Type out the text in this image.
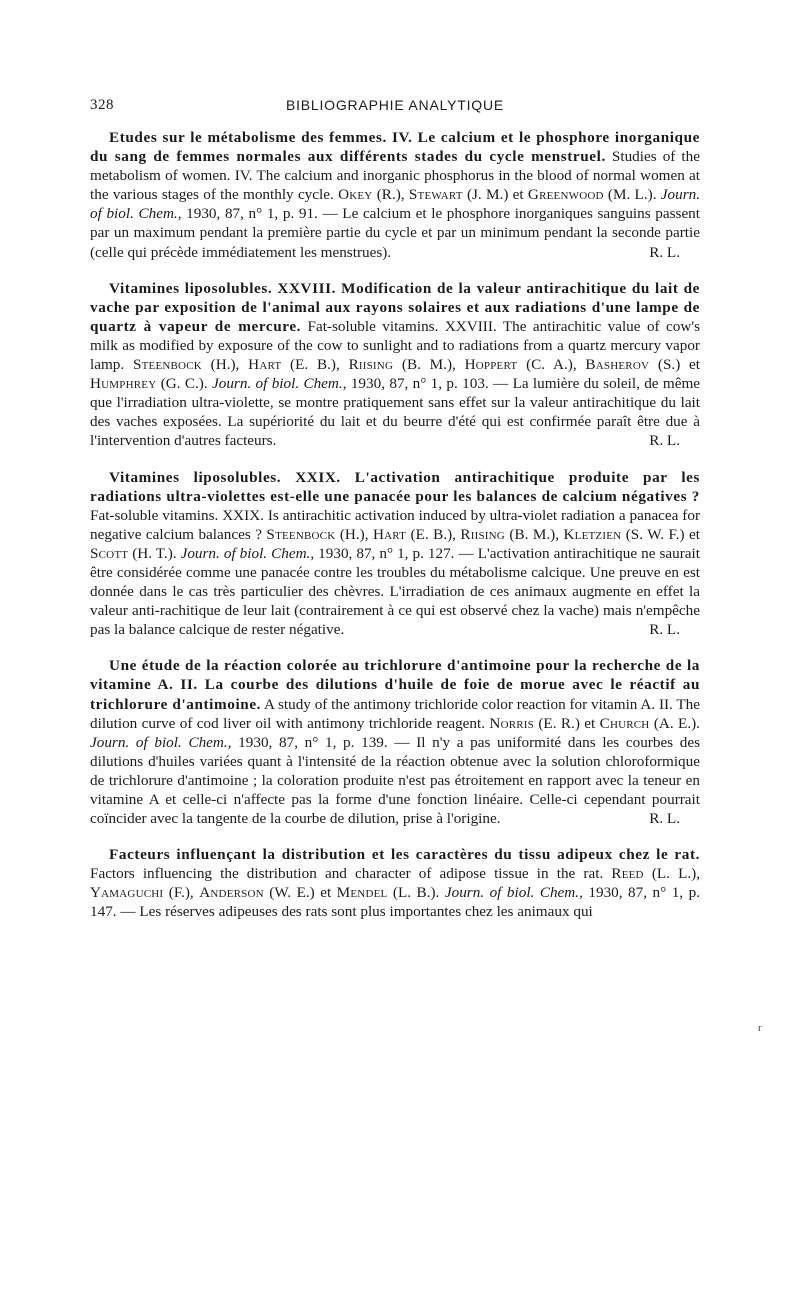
328	BIBLIOGRAPHIE ANALYTIQUE

Etudes sur le métabolisme des femmes. IV. Le calcium et le phosphore inorganique du sang de femmes normales aux différents stades du cycle menstruel. Studies of the metabolism of women. IV. The calcium and inorganic phosphorus in the blood of normal women at the various stages of the monthly cycle. Okey (R.), Stewart (J. M.) et Greenwood (M. L.). Journ. of biol. Chem., 1930, 87, n° 1, p. 91. — Le calcium et le phosphore inorganiques sanguins passent par un maximum pendant la première partie du cycle et par un minimum pendant la seconde partie (celle qui précède immédiatement les menstrues).	R. L.

Vitamines liposolubles. XXVIII. Modification de la valeur antirachitique du lait de vache par exposition de l'animal aux rayons solaires et aux radiations d'une lampe de quartz à vapeur de mercure. Fat-soluble vitamins. XXVIII. The antirachitic value of cow's milk as modified by exposure of the cow to sunlight and to radiations from a quartz mercury vapor lamp. Steenbock (H.), Hart (E. B.), Riising (B. M.), Hoppert (C. A.), Basherov (S.) et Humphrey (G. C.). Journ. of biol. Chem., 1930, 87, n° 1, p. 103. — La lumière du soleil, de même que l'irradiation ultra-violette, se montre pratiquement sans effet sur la valeur antirachitique du lait des vaches exposées. La supériorité du lait et du beurre d'été qui est confirmée paraît être due à l'intervention d'autres facteurs.	R. L.

Vitamines liposolubles. XXIX. L'activation antirachitique produite par les radiations ultra-violettes est-elle une panacée pour les balances de calcium négatives ? Fat-soluble vitamins. XXIX. Is antirachitic activation induced by ultra-violet radiation a panacea for negative calcium balances ? Steenbock (H.), Hart (E. B.), Riising (B. M.), Kletzien (S. W. F.) et Scott (H. T.). Journ. of biol. Chem., 1930, 87, n° 1, p. 127. — L'activation antirachitique ne saurait être considérée comme une panacée contre les troubles du métabolisme calcique. Une preuve en est donnée dans le cas très particulier des chèvres. L'irradiation de ces animaux augmente en effet la valeur anti-rachitique de leur lait (contrairement à ce qui est observé chez la vache) mais n'empêche pas la balance calcique de rester négative.	R. L.

Une étude de la réaction colorée au trichlorure d'antimoine pour la recherche de la vitamine A. II. La courbe des dilutions d'huile de foie de morue avec le réactif au trichlorure d'antimoine. A study of the antimony trichloride color reaction for vitamin A. II. The dilution curve of cod liver oil with antimony trichloride reagent. Norris (E. R.) et Church (A. E.). Journ. of biol. Chem., 1930, 87, n° 1, p. 139. — Il n'y a pas uniformité dans les courbes des dilutions d'huiles variées quant à l'intensité de la réaction obtenue avec la solution chloroformique de trichlorure d'antimoine ; la coloration produite n'est pas étroitement en rapport avec la teneur en vitamine A et celle-ci n'affecte pas la forme d'une fonction linéaire. Celle-ci cependant pourrait coïncider avec la tangente de la courbe de dilution, prise à l'origine.	R. L.

Facteurs influençant la distribution et les caractères du tissu adipeux chez le rat. Factors influencing the distribution and character of adipose tissue in the rat. Reed (L. L.), Yamaguchi (F.), Anderson (W. E.) et Mendel (L. B.). Journ. of biol. Chem., 1930, 87, n° 1, p. 147. — Les réserves adipeuses des rats sont plus importantes chez les animaux qui

r
